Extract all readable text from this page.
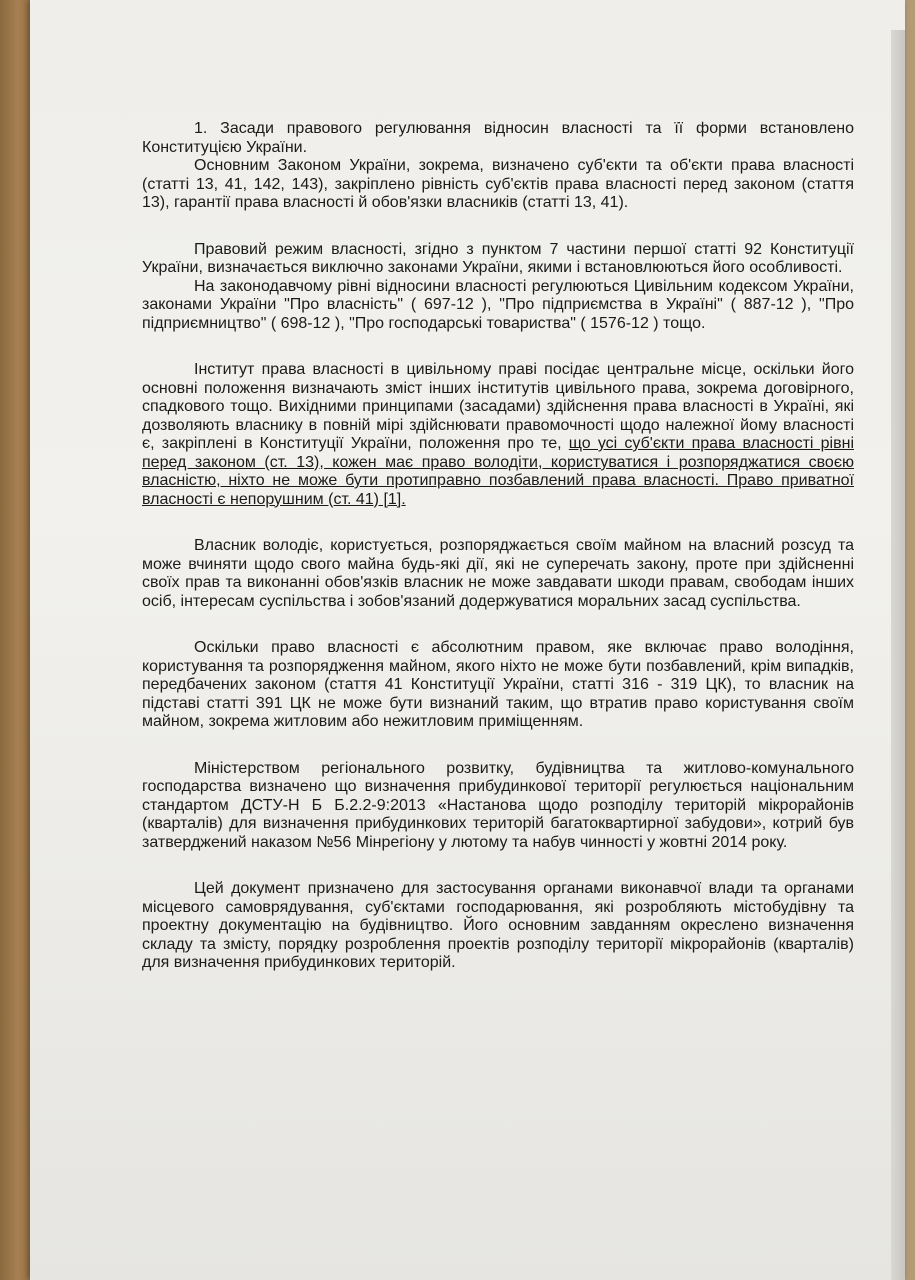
1. Засади правового регулювання відносин власності та її форми встановлено Конституцією України.

Основним Законом України, зокрема, визначено суб'єкти та об'єкти права власності (статті 13, 41, 142, 143), закріплено рівність суб'єктів права власності перед законом (стаття 13), гарантії права власності й обов'язки власників (статті 13, 41).

Правовий режим власності, згідно з пунктом 7 частини першої статті 92 Конституції України, визначається виключно законами України, якими і встановлюються його особливості.

На законодавчому рівні відносини власності регулюються Цивільним кодексом України, законами України "Про власність" ( 697-12 ), "Про підприємства в Україні" ( 887-12 ), "Про підприємництво" ( 698-12 ), "Про господарські товариства" ( 1576-12 ) тощо.

Інститут права власності в цивільному праві посідає центральне місце, оскільки його основні положення визначають зміст інших інститутів цивільного права, зокрема договірного, спадкового тощо. Вихідними принципами (засадами) здійснення права власності в Україні, які дозволяють власнику в повній мірі здійснювати правомочності щодо належної йому власності є, закріплені в Конституції України, положення про те, що усі суб'єкти права власності рівні перед законом (ст. 13), кожен має право володіти, користуватися і розпоряджатися своєю власністю, ніхто не може бути протиправно позбавлений права власності. Право приватної власності є непорушним (ст. 41) [1].

Власник володіє, користується, розпоряджається своїм майном на власний розсуд та може вчиняти щодо свого майна будь-які дії, які не суперечать закону, проте при здійсненні своїх прав та виконанні обов'язків власник не може завдавати шкоди правам, свободам інших осіб, інтересам суспільства і зобов'язаний додержуватися моральних засад суспільства.

Оскільки право власності є абсолютним правом, яке включає право володіння, користування та розпорядження майном, якого ніхто не може бути позбавлений, крім випадків, передбачених законом (стаття 41 Конституції України, статті 316 - 319 ЦК), то власник на підставі статті 391 ЦК не може бути визнаний таким, що втратив право користування своїм майном, зокрема житловим або нежитловим приміщенням.

Міністерством регіонального розвитку, будівництва та житлово-комунального господарства визначено що визначення прибудинкової території регулюється національним стандартом ДСТУ-Н Б Б.2.2-9:2013 «Настанова щодо розподілу територій мікрорайонів (кварталів) для визначення прибудинкових територій багатоквартирної забудови», котрий був затверджений наказом №56 Мінрегіону у лютому та набув чинності у жовтні 2014 року.

Цей документ призначено для застосування органами виконавчої влади та органами місцевого самоврядування, суб'єктами господарювання, які розробляють містобудівну та проектну документацію на будівництво. Його основним завданням окреслено визначення складу та змісту, порядку розроблення проектів розподілу території мікрорайонів (кварталів) для визначення прибудинкових територій.
